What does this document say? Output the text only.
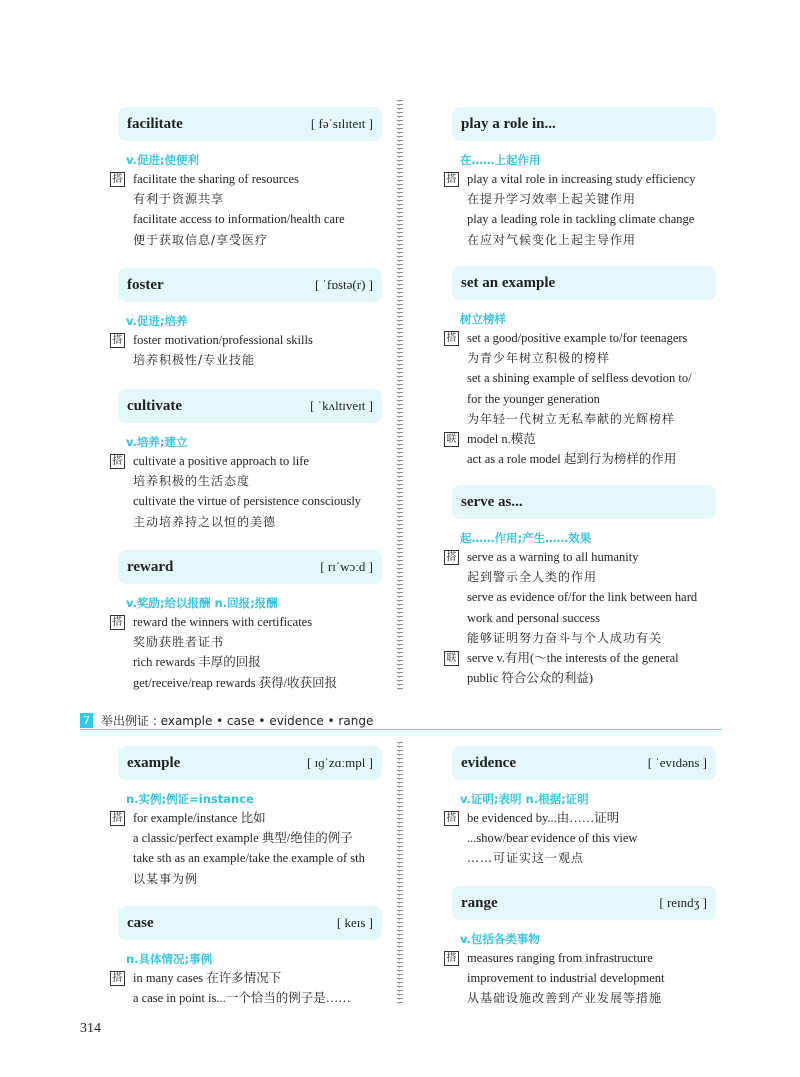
facilitate	[ fəˈsɪlɪteɪt ]
v.促进;使便利
搭 facilitate the sharing of resources
有利于资源共享
facilitate access to information/health care
便于获取信息/享受医疗
foster	[ ˈfɒstə(r) ]
v.促进;培养
搭 foster motivation/professional skills
培养积极性/专业技能
cultivate	[ ˈkʌltɪveɪt ]
v.培养;建立
搭 cultivate a positive approach to life
培养积极的生活态度
cultivate the virtue of persistence consciously
主动培养持之以恒的美德
reward	[ rɪˈwɔːd ]
v.奖励;给以报酬 n.回报;报酬
搭 reward the winners with certificates
奖励获胜者证书
rich rewards 丰厚的回报
get/receive/reap rewards 获得/收获回报
play a role in...
在……上起作用
搭 play a vital role in increasing study efficiency
在提升学习效率上起关键作用
play a leading role in tackling climate change
在应对气候变化上起主导作用
set an example
树立榜样
搭 set a good/positive example to/for teenagers
为青少年树立积极的榜样
set a shining example of selfless devotion to/
for the younger generation
为年轻一代树立无私奉献的光辉榜样
联 model n.模范
act as a role model 起到行为榜样的作用
serve as...
起……作用;产生……效果
搭 serve as a warning to all humanity
起到警示全人类的作用
serve as evidence of/for the link between hard
work and personal success
能够证明努力奋斗与个人成功有关
联 serve v.有用(～the interests of the general
public 符合公众的利益)
7 举出例证 : example • case • evidence • range
example	[ ɪɡˈzɑːmpl ]
n.实例;例证=instance
搭 for example/instance 比如
a classic/perfect example 典型/绝佳的例子
take sth as an example/take the example of sth
以某事为例
case	[ keɪs ]
n.具体情况;事例
搭 in many cases 在许多情况下
a case in point is...一个恰当的例子是……
evidence	[ ˈevɪdəns ]
v.证明;表明 n.根据;证明
搭 be evidenced by...由……证明
...show/bear evidence of this view
……可证实这一观点
range	[ reɪndʒ ]
v.包括各类事物
搭 measures ranging from infrastructure
improvement to industrial development
从基础设施改善到产业发展等措施
314
